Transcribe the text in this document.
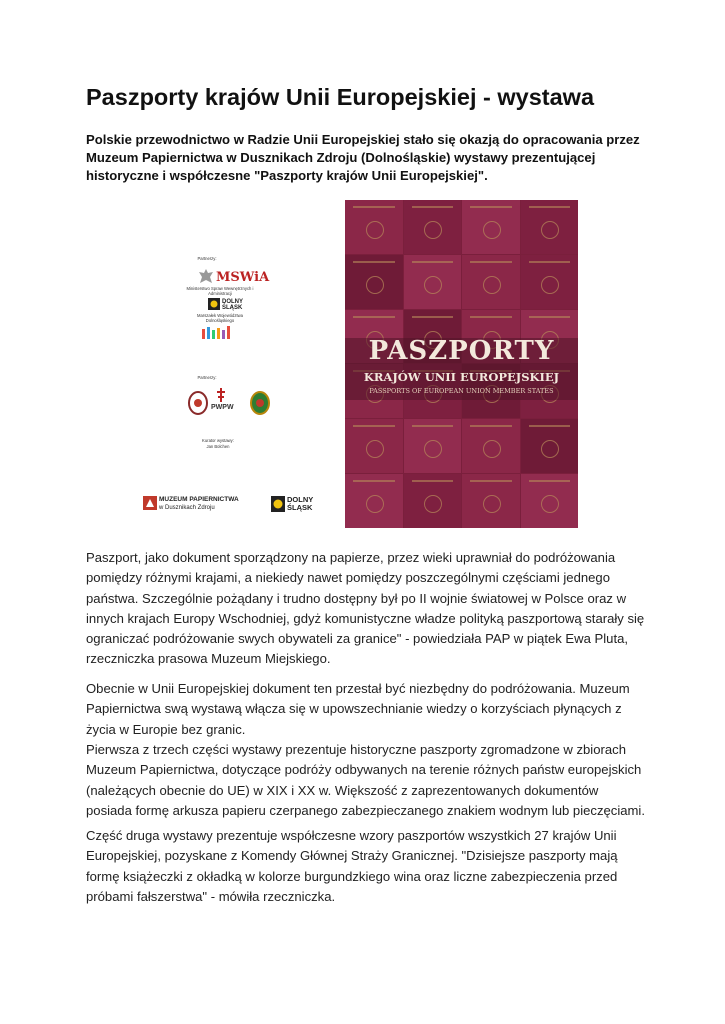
Paszporty krajów Unii Europejskiej - wystawa

Polskie przewodnictwo w Radzie Unii Europejskiej stało się okazją do opracowania przez Muzeum Papiernictwa w Dusznikach Zdroju (Dolnośląskie) wystawy prezentującej historyczne i współczesne "Paszporty krajów Unii Europejskiej".

Partnerzy:
MSWiA
Ministerstwo Spraw Wewnętrznych i Administracji
DOLNY ŚLĄSK
Marszałek Województwa Dolnośląskiego
Partnerzy:
PWPW
Kurator wystawy:
Jan Bolchen
MUZEUM PAPIERNICTWA
w Dusznikach Zdroju
DOLNY ŚLĄSK
PASZPORTY
KRAJÓW UNII EUROPEJSKIEJ
PASSPORTS OF EUROPEAN UNION MEMBER STATES

Paszport, jako dokument sporządzony na papierze, przez wieki uprawniał do podróżowania pomiędzy różnymi krajami, a niekiedy nawet pomiędzy poszczególnymi częściami jednego państwa. Szczególnie pożądany i trudno dostępny był po II wojnie światowej w Polsce oraz w innych krajach Europy Wschodniej, gdyż komunistyczne władze polityką paszportową starały się ograniczać podróżowanie swych obywateli za granice" - powiedziała PAP w piątek Ewa Pluta, rzeczniczka prasowa Muzeum Miejskiego.

Obecnie w Unii Europejskiej dokument ten przestał być niezbędny do podróżowania. Muzeum Papiernictwa swą wystawą włącza się w upowszechnianie wiedzy o korzyściach płynących z życia w Europie bez granic.

Pierwsza z trzech części wystawy prezentuje historyczne paszporty zgromadzone w zbiorach Muzeum Papiernictwa, dotyczące podróży odbywanych na terenie różnych państw europejskich (należących obecnie do UE) w XIX i XX w. Większość z zaprezentowanych dokumentów posiada formę arkusza papieru czerpanego zabezpieczanego znakiem wodnym lub pieczęciami.

Część druga wystawy prezentuje współczesne wzory paszportów wszystkich 27 krajów Unii Europejskiej, pozyskane z Komendy Głównej Straży Granicznej. "Dzisiejsze paszporty mają formę książeczki z okładką w kolorze burgundzkiego wina oraz liczne zabezpieczenia przed próbami fałszerstwa" - mówiła rzeczniczka.
